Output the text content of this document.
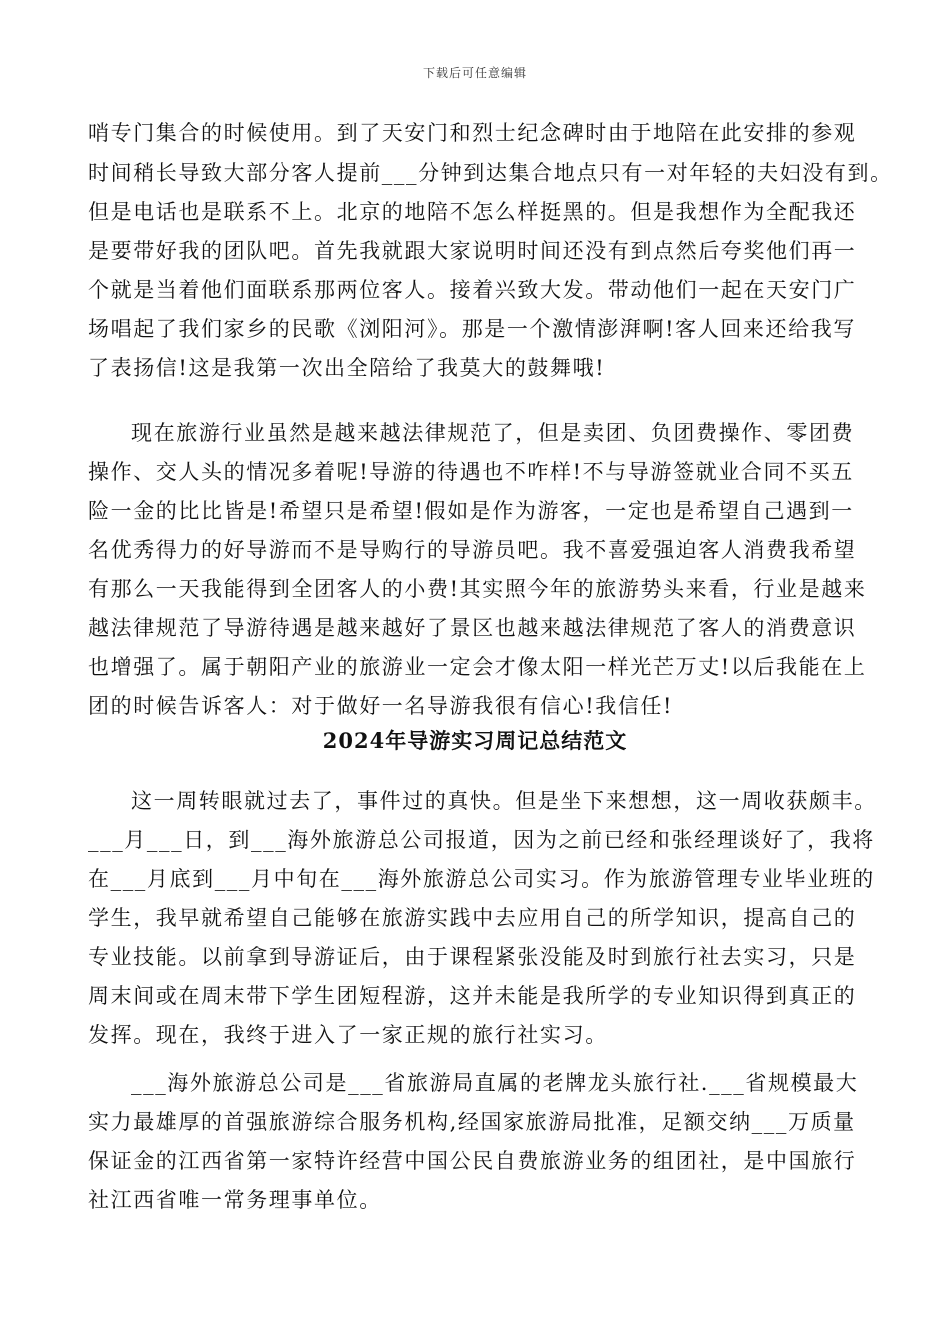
下载后可任意编辑
哨专门集合的时候使用。到了天安门和烈士纪念碑时由于地陪在此安排的参观
时间稍长导致大部分客人提前___分钟到达集合地点只有一对年轻的夫妇没有到。
但是电话也是联系不上。北京的地陪不怎么样挺黑的。但是我想作为全配我还
是要带好我的团队吧。首先我就跟大家说明时间还没有到点然后夸奖他们再一
个就是当着他们面联系那两位客人。接着兴致大发。带动他们一起在天安门广
场唱起了我们家乡的民歌《浏阳河》。那是一个激情澎湃啊!客人回来还给我写
了表扬信!这是我第一次出全陪给了我莫大的鼓舞哦!
现在旅游行业虽然是越来越法律规范了，但是卖团、负团费操作、零团费
操作、交人头的情况多着呢!导游的待遇也不咋样!不与导游签就业合同不买五
险一金的比比皆是!希望只是希望!假如是作为游客，一定也是希望自己遇到一
名优秀得力的好导游而不是导购行的导游员吧。我不喜爱强迫客人消费我希望
有那么一天我能得到全团客人的小费!其实照今年的旅游势头来看，行业是越来
越法律规范了导游待遇是越来越好了景区也越来越法律规范了客人的消费意识
也增强了。属于朝阳产业的旅游业一定会才像太阳一样光芒万丈!以后我能在上
团的时候告诉客人：对于做好一名导游我很有信心!我信任!
2024年导游实习周记总结范文
这一周转眼就过去了，事件过的真快。但是坐下来想想，这一周收获颇丰。
___月___日，到___海外旅游总公司报道，因为之前已经和张经理谈好了，我将
在___月底到___月中旬在___海外旅游总公司实习。作为旅游管理专业毕业班的
学生，我早就希望自己能够在旅游实践中去应用自己的所学知识，提高自己的
专业技能。以前拿到导游证后，由于课程紧张没能及时到旅行社去实习，只是
周末间或在周末带下学生团短程游，这并未能是我所学的专业知识得到真正的
发挥。现在，我终于进入了一家正规的旅行社实习。
___海外旅游总公司是___省旅游局直属的老牌龙头旅行社.___省规模最大
实力最雄厚的首强旅游综合服务机构,经国家旅游局批准，足额交纳___万质量
保证金的江西省第一家特许经营中国公民自费旅游业务的组团社，是中国旅行
社江西省唯一常务理事单位。
